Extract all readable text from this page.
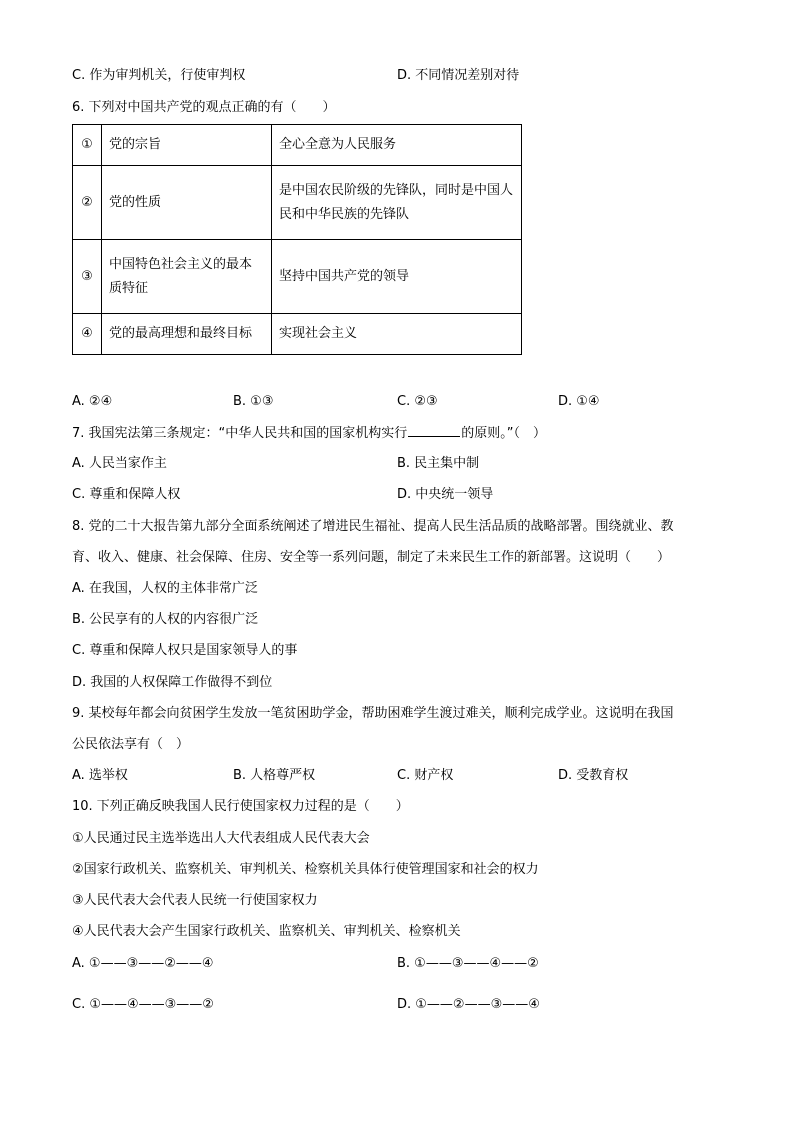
C. 作为审判机关，行使审判权	D. 不同情况差别对待
6. 下列对中国共产党的观点正确的有（　　）
①	党的宗旨	全心全意为人民服务
②	党的性质	是中国农民阶级的先锋队，同时是中国人民和中华民族的先锋队
③	中国特色社会主义的最本质特征	坚持中国共产党的领导
④	党的最高理想和最终目标	实现社会主义
A. ②④	B. ①③	C. ②③	D. ①④
7. 我国宪法第三条规定：“中华人民共和国的国家机构实行	的原则。”（　）
A. 人民当家作主	B. 民主集中制
C. 尊重和保障人权	D. 中央统一领导
8. 党的二十大报告第九部分全面系统阐述了增进民生福祉、提高人民生活品质的战略部署。围绕就业、教
育、收入、健康、社会保障、住房、安全等一系列问题，制定了未来民生工作的新部署。这说明（　　）
A. 在我国，人权的主体非常广泛
B. 公民享有的人权的内容很广泛
C. 尊重和保障人权只是国家领导人的事
D. 我国的人权保障工作做得不到位
9. 某校每年都会向贫困学生发放一笔贫困助学金，帮助困难学生渡过难关，顺利完成学业。这说明在我国
公民依法享有（　）
A. 选举权	B. 人格尊严权	C. 财产权	D. 受教育权
10. 下列正确反映我国人民行使国家权力过程的是（　　）
①人民通过民主选举选出人大代表组成人民代表大会
②国家行政机关、监察机关、审判机关、检察机关具体行使管理国家和社会的权力
③人民代表大会代表人民统一行使国家权力
④人民代表大会产生国家行政机关、监察机关、审判机关、检察机关
A. ①——③——②——④	B. ①——③——④——②
C. ①——④——③——②	D. ①——②——③——④
